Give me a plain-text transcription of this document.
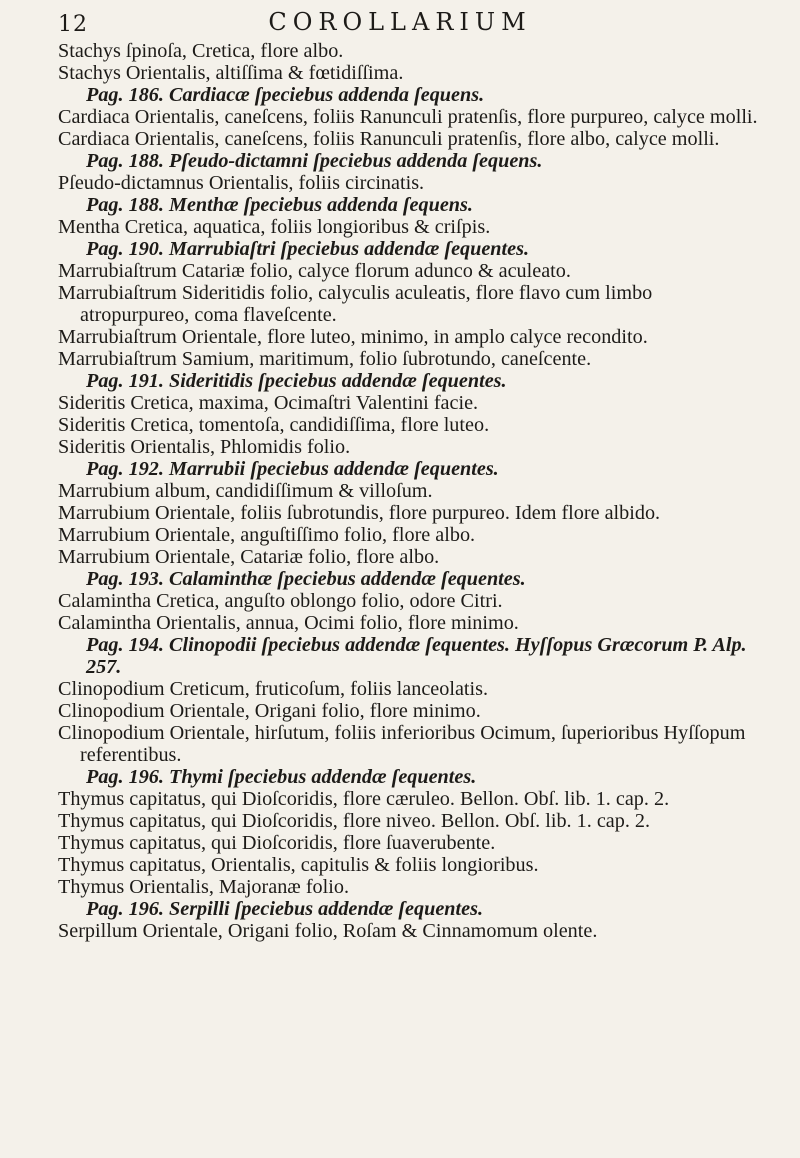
12	COROLLARIUM

Stachys ſpinoſa, Cretica, flore albo.

Stachys Orientalis, altiſſima & fœtidiſſima.

Pag. 186. Cardiacæ ſpeciebus addenda ſequens.

Cardiaca Orientalis, caneſcens, foliis Ranunculi pratenſis, flore purpureo, calyce molli.

Cardiaca Orientalis, caneſcens, foliis Ranunculi pratenſis, flore albo, calyce molli.

Pag. 188. Pſeudo-dictamni ſpeciebus addenda ſequens.

Pſeudo-dictamnus Orientalis, foliis circinatis.

Pag. 188. Menthæ ſpeciebus addenda ſequens.

Mentha Cretica, aquatica, foliis longioribus & criſpis.

Pag. 190. Marrubiaſtri ſpeciebus addendæ ſequentes.

Marrubiaſtrum Catariæ folio, calyce florum adunco & aculeato.

Marrubiaſtrum Sideritidis folio, calyculis aculeatis, flore flavo cum limbo atropurpureo, coma flaveſcente.

Marrubiaſtrum Orientale, flore luteo, minimo, in amplo calyce recondito.

Marrubiaſtrum Samium, maritimum, folio ſubrotundo, caneſcente.

Pag. 191. Sideritidis ſpeciebus addendæ ſequentes.

Sideritis Cretica, maxima, Ocimaſtri Valentini facie.

Sideritis Cretica, tomentoſa, candidiſſima, flore luteo.

Sideritis Orientalis, Phlomidis folio.

Pag. 192. Marrubii ſpeciebus addendæ ſequentes.

Marrubium album, candidiſſimum & villoſum.

Marrubium Orientale, foliis ſubrotundis, flore purpureo. Idem flore albido.

Marrubium Orientale, anguſtiſſimo folio, flore albo.

Marrubium Orientale, Catariæ folio, flore albo.

Pag. 193. Calaminthæ ſpeciebus addendæ ſequentes.

Calamintha Cretica, anguſto oblongo folio, odore Citri.

Calamintha Orientalis, annua, Ocimi folio, flore minimo.

Pag. 194. Clinopodii ſpeciebus addendæ ſequentes. Hyſſopus Græcorum P. Alp. 257.

Clinopodium Creticum, fruticoſum, foliis lanceolatis.

Clinopodium Orientale, Origani folio, flore minimo.

Clinopodium Orientale, hirſutum, foliis inferioribus Ocimum, ſuperioribus Hyſſopum referentibus.

Pag. 196. Thymi ſpeciebus addendæ ſequentes.

Thymus capitatus, qui Dioſcoridis, flore cæruleo. Bellon. Obſ. lib. 1. cap. 2.

Thymus capitatus, qui Dioſcoridis, flore niveo. Bellon. Obſ. lib. 1. cap. 2.

Thymus capitatus, qui Dioſcoridis, flore ſuaverubente.

Thymus capitatus, Orientalis, capitulis & foliis longioribus.

Thymus Orientalis, Majoranæ folio.

Pag. 196. Serpilli ſpeciebus addendæ ſequentes.

Serpillum Orientale, Origani folio, Roſam & Cinnamomum olente.
